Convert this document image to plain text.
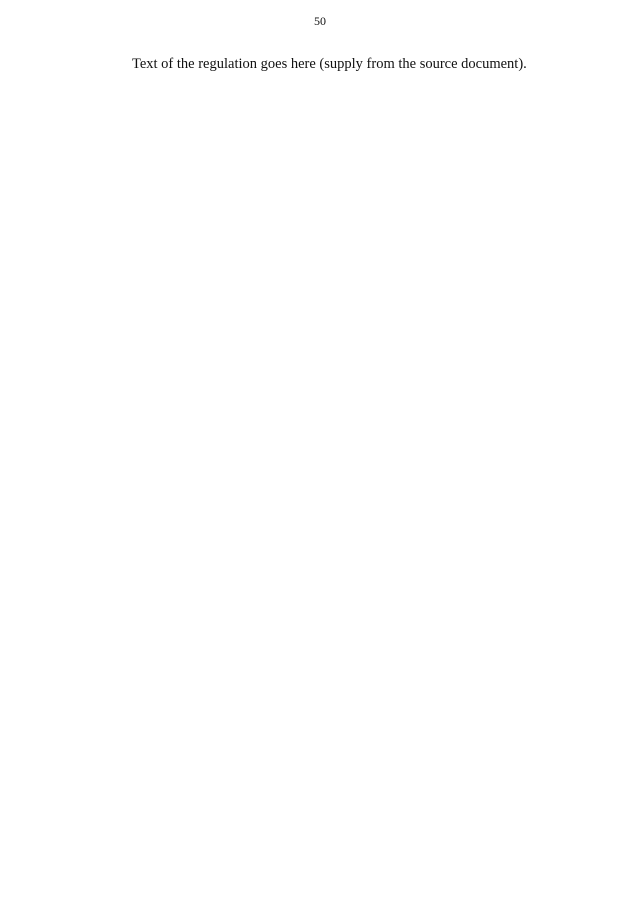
50

Text of the regulation goes here (supply from the source document).
